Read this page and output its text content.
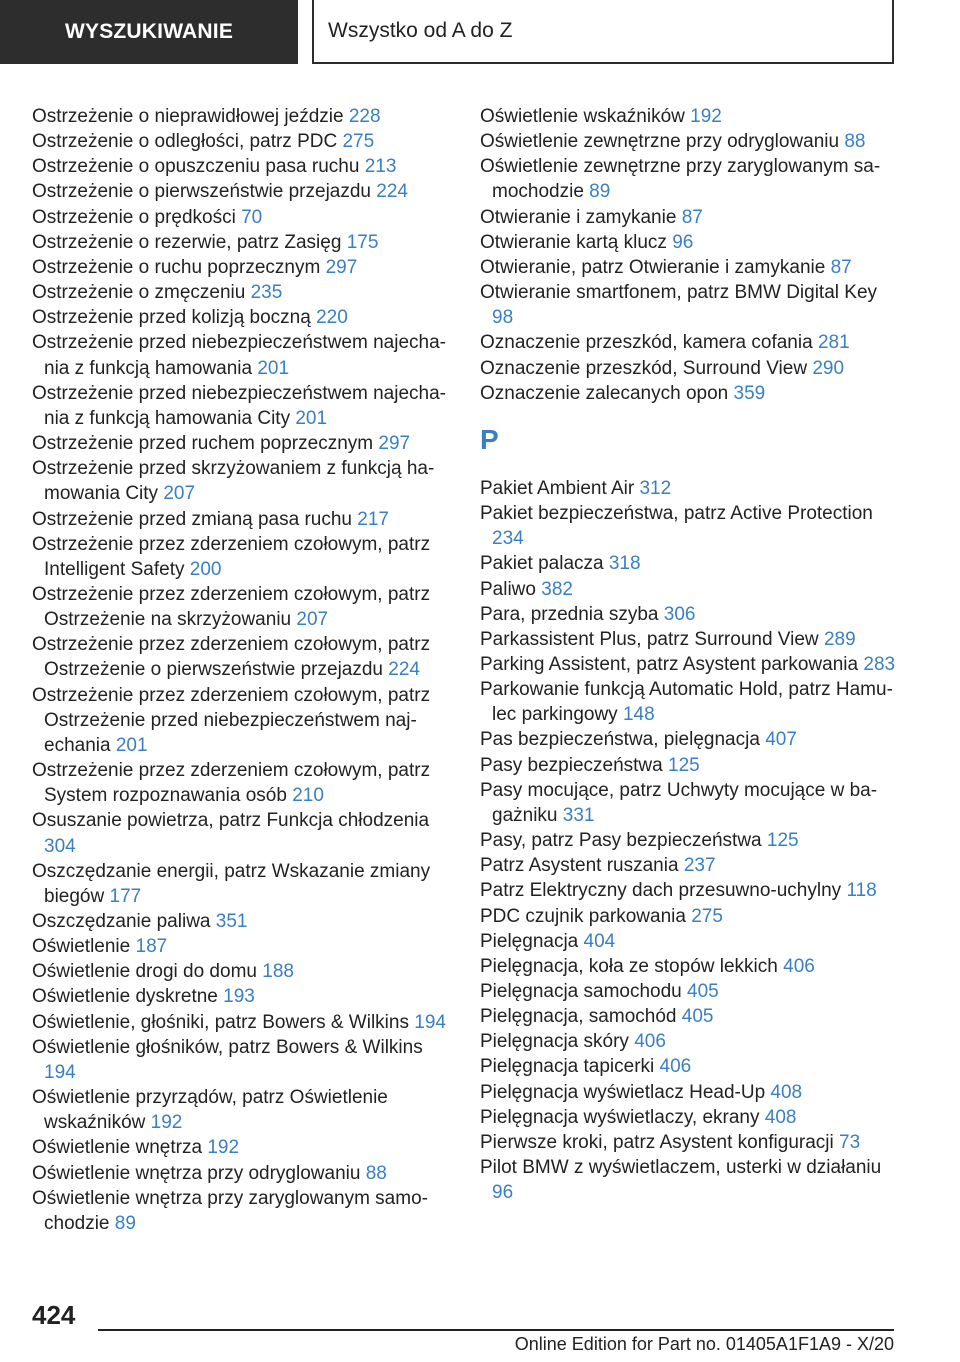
WYSZUKIWANIE	Wszystko od A do Z
Ostrzeżenie o nieprawidłowej jeździe 228
Ostrzeżenie o odległości, patrz PDC 275
Ostrzeżenie o opuszczeniu pasa ruchu 213
Ostrzeżenie o pierwszeństwie przejazdu 224
Ostrzeżenie o prędkości 70
Ostrzeżenie o rezerwie, patrz Zasięg 175
Ostrzeżenie o ruchu poprzecznym 297
Ostrzeżenie o zmęczeniu 235
Ostrzeżenie przed kolizją boczną 220
Ostrzeżenie przed niebezpieczeństwem najechania z funkcją hamowania 201
Ostrzeżenie przed niebezpieczeństwem najechania z funkcją hamowania City 201
Ostrzeżenie przed ruchem poprzecznym 297
Ostrzeżenie przed skrzyżowaniem z funkcją hamowania City 207
Ostrzeżenie przed zmianą pasa ruchu 217
Ostrzeżenie przez zderzeniem czołowym, patrz Intelligent Safety 200
Ostrzeżenie przez zderzeniem czołowym, patrz Ostrzeżenie na skrzyżowaniu 207
Ostrzeżenie przez zderzeniem czołowym, patrz Ostrzeżenie o pierwszeństwie przejazdu 224
Ostrzeżenie przez zderzeniem czołowym, patrz Ostrzeżenie przed niebezpieczeństwem najechania 201
Ostrzeżenie przez zderzeniem czołowym, patrz System rozpoznawania osób 210
Osuszanie powietrza, patrz Funkcja chłodzenia 304
Oszczędzanie energii, patrz Wskazanie zmiany biegów 177
Oszczędzanie paliwa 351
Oświetlenie 187
Oświetlenie drogi do domu 188
Oświetlenie dyskretne 193
Oświetlenie, głośniki, patrz Bowers & Wilkins 194
Oświetlenie głośników, patrz Bowers & Wilkins 194
Oświetlenie przyrządów, patrz Oświetlenie wskaźników 192
Oświetlenie wnętrza 192
Oświetlenie wnętrza przy odryglowaniu 88
Oświetlenie wnętrza przy zaryglowanym samochodzie 89
Oświetlenie wskaźników 192
Oświetlenie zewnętrzne przy odryglowaniu 88
Oświetlenie zewnętrzne przy zaryglowanym samochodzie 89
Otwieranie i zamykanie 87
Otwieranie kartą klucz 96
Otwieranie, patrz Otwieranie i zamykanie 87
Otwieranie smartfonem, patrz BMW Digital Key 98
Oznaczenie przeszkód, kamera cofania 281
Oznaczenie przeszkód, Surround View 290
Oznaczenie zalecanych opon 359
P
Pakiet Ambient Air 312
Pakiet bezpieczeństwa, patrz Active Protection 234
Pakiet palacza 318
Paliwo 382
Para, przednia szyba 306
Parkassistent Plus, patrz Surround View 289
Parking Assistent, patrz Asystent parkowania 283
Parkowanie funkcją Automatic Hold, patrz Hamulec parkingowy 148
Pas bezpieczeństwa, pielęgnacja 407
Pasy bezpieczeństwa 125
Pasy mocujące, patrz Uchwyty mocujące w bagażniku 331
Pasy, patrz Pasy bezpieczeństwa 125
Patrz Asystent ruszania 237
Patrz Elektryczny dach przesuwno-uchylny 118
PDC czujnik parkowania 275
Pielęgnacja 404
Pielęgnacja, koła ze stopów lekkich 406
Pielęgnacja samochodu 405
Pielęgnacja, samochód 405
Pielęgnacja skóry 406
Pielęgnacja tapicerki 406
Pielęgnacja wyświetlacz Head-Up 408
Pielęgnacja wyświetlaczy, ekrany 408
Pierwsze kroki, patrz Asystent konfiguracji 73
Pilot BMW z wyświetlaczem, usterki w działaniu 96
424
Online Edition for Part no. 01405A1F1A9 - X/20
